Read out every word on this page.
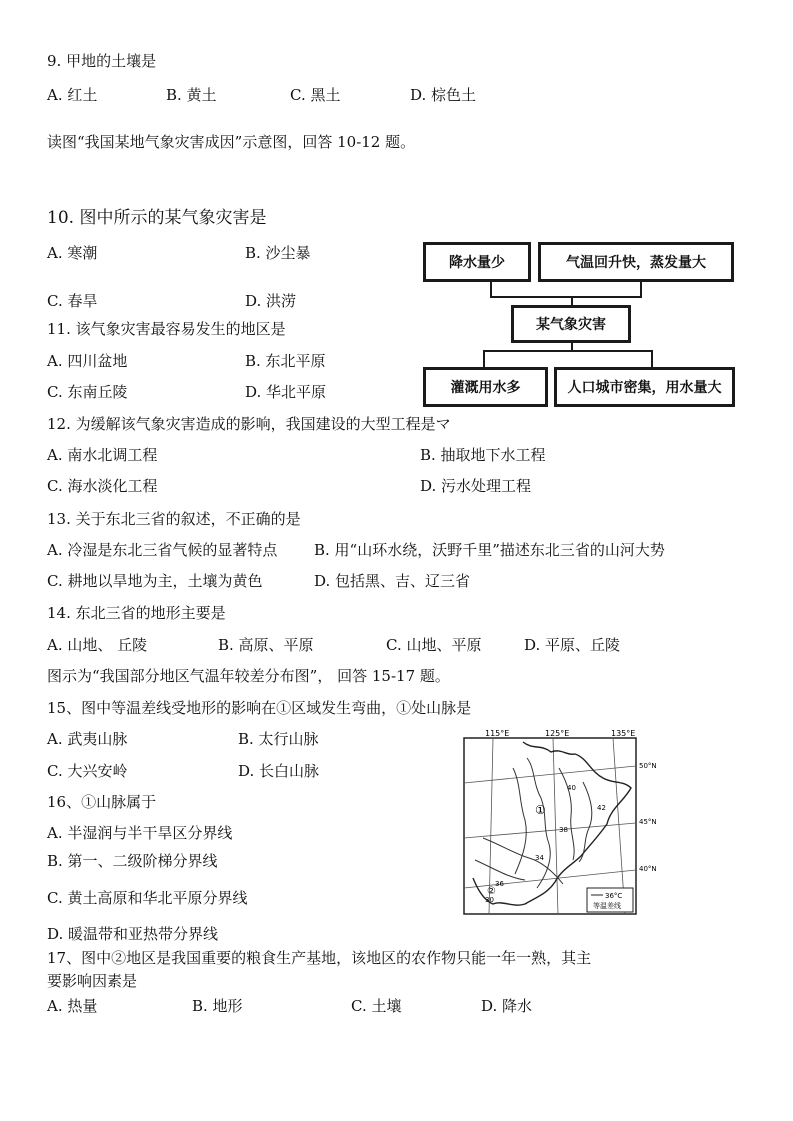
9. 甲地的土壤是
A. 红土	B. 黄土	C. 黑土	D. 棕色土
读图“我国某地气象灾害成因”示意图，回答 10-12 题。
10. 图中所示的某气象灾害是
A. 寒潮	B. 沙尘暴
C. 春旱	D. 洪涝
11. 该气象灾害最容易发生的地区是
A. 四川盆地	B. 东北平原
C. 东南丘陵	D. 华北平原
降水量少	气温回升快，蒸发量大
某气象灾害
灌溉用水多	人口城市密集，用水量大
12. 为缓解该气象灾害造成的影响，我国建设的大型工程是マ
A. 南水北调工程	B. 抽取地下水工程
C. 海水淡化工程	D. 污水处理工程
13. 关于东北三省的叙述，不正确的是
A. 冷湿是东北三省气候的显著特点 B. 用“山环水绕，沃野千里”描述东北三省的山河大势
C. 耕地以旱地为主，土壤为黄色	D. 包括黑、吉、辽三省
14. 东北三省的地形主要是
A. 山地、 丘陵	B. 高原、平原	C. 山地、平原	D. 平原、丘陵
图示为“我国部分地区气温年较差分布图”， 回答 15-17 题。
15、图中等温差线受地形的影响在①区域发生弯曲，①处山脉是
A. 武夷山脉	B. 太行山脉
C. 大兴安岭	D. 长白山脉
16、①山脉属于
A. 半湿润与半干旱区分界线
B. 第一、二级阶梯分界线
C. 黄土高原和华北平原分界线
D. 暖温带和亚热带分界线
17、图中②地区是我国重要的粮食生产基地，该地区的农作物只能一年一熟，其主
要影响因素是
A. 热量	B. 地形	C. 土壤	D. 降水
115°E	125°E	135°E
50°N
45°N
40°N
①
②
40
42
38
34
36
30	36°C
等温差线
